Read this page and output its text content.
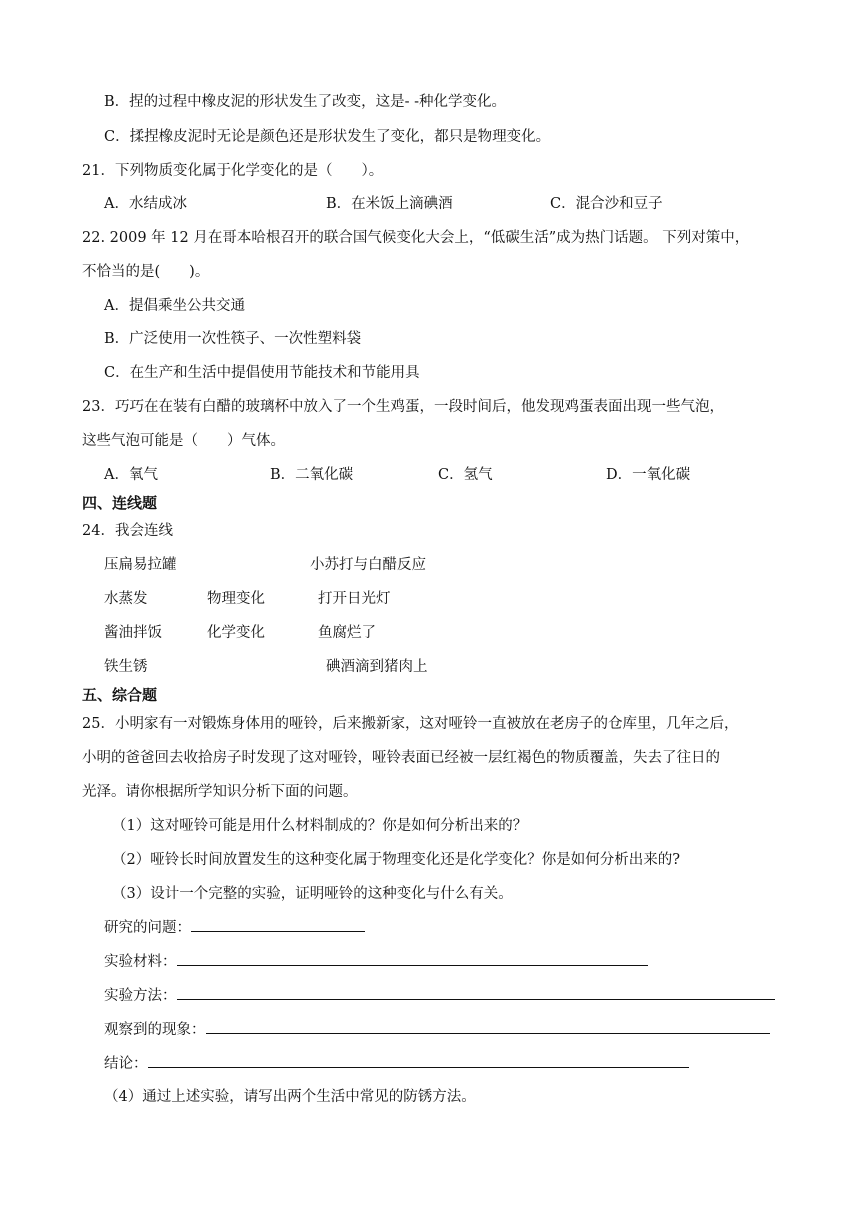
B．捏的过程中橡皮泥的形状发生了改变，这是- -种化学变化。
C．揉捏橡皮泥时无论是颜色还是形状发生了变化，都只是物理变化。
21．下列物质变化属于化学变化的是（　　）。
A．水结成冰	B．在米饭上滴碘酒	C．混合沙和豆子
22. 2009 年 12 月在哥本哈根召开的联合国气候变化大会上，“低碳生活”成为热门话题。 下列对策中，
不恰当的是(　　)。
A．提倡乘坐公共交通
B．广泛使用一次性筷子、一次性塑料袋
C．在生产和生活中提倡使用节能技术和节能用具
23．巧巧在在装有白醋的玻璃杯中放入了一个生鸡蛋，一段时间后，他发现鸡蛋表面出现一些气泡，
这些气泡可能是（　　）气体。
A．氧气	B．二氧化碳	C．氢气	D．一氧化碳
四、连线题
24．我会连线
压扁易拉罐	小苏打与白醋反应
水蒸发	物理变化	打开日光灯
酱油拌饭	化学变化	鱼腐烂了
铁生锈	碘酒滴到猪肉上
五、综合题
25．小明家有一对锻炼身体用的哑铃，后来搬新家，这对哑铃一直被放在老房子的仓库里，几年之后，
小明的爸爸回去收拾房子时发现了这对哑铃，哑铃表面已经被一层红褐色的物质覆盖，失去了往日的
光泽。请你根据所学知识分析下面的问题。
（1）这对哑铃可能是用什么材料制成的？你是如何分析出来的？
（2）哑铃长时间放置发生的这种变化属于物理变化还是化学变化？你是如何分析出来的?
（3）设计一个完整的实验，证明哑铃的这种变化与什么有关。
研究的问题：
实验材料：
实验方法：
观察到的现象：
结论：
（4）通过上述实验，请写出两个生活中常见的防锈方法。
